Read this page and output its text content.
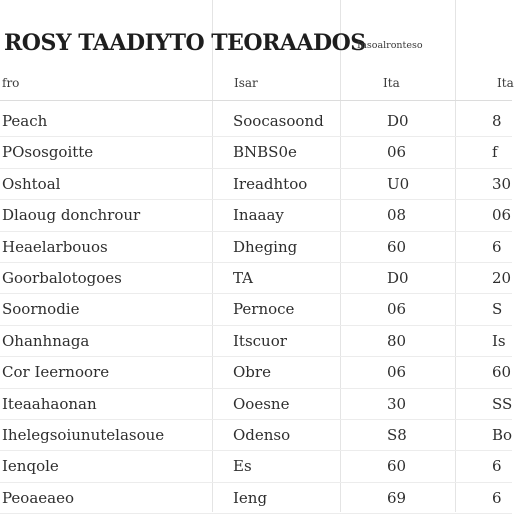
ROSY TAADIYTO TEORAADOS
Insoalronteso
fro	Isar	Ita	Ita
Peach	Soocasoond	D0	8
POsosgoitte	BNBS0e	06	f
Oshtoal	Ireadhtoo	U0	30
Dlaoug donchrour	Inaaay	08	06
Heaelarbouos	Dheging	60	6
Goorbalotogoes	TA	D0	20
Soornodie	Pernoce	06	S
Ohanhnaga	Itscuor	80	Is
Cor Ieernoore	Obre	06	60
Iteaahaonan	Ooesne	30	SS
Ihelegsoiunutelasoue	Odenso	S8	Bo
Ienqole	Es	60	6
Peoaeaeo	Ieng	69	6
